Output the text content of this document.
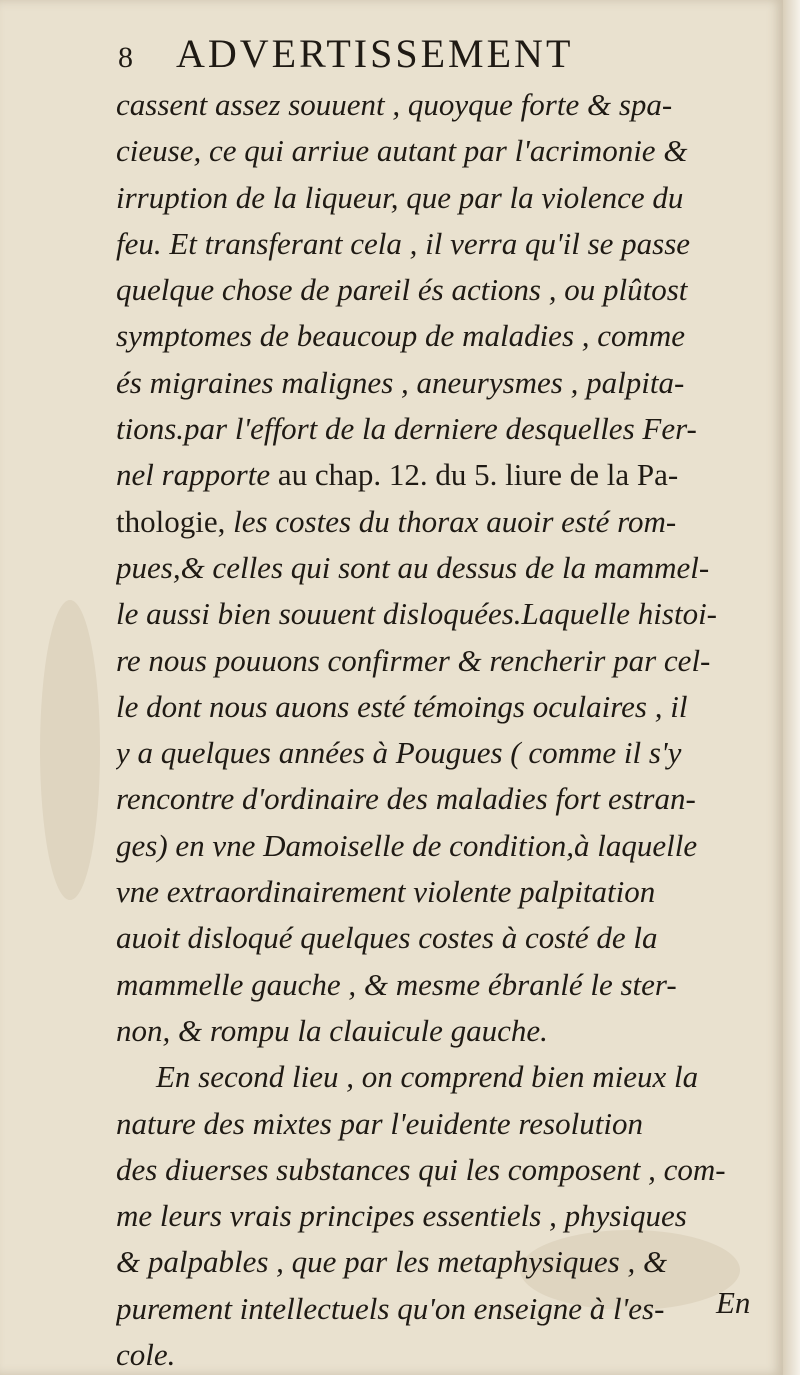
8 ADVERTISSEMENT
cassent assez souuent , quoyque forte & spa-
cieuse, ce qui arriue autant par l'acrimonie &
irruption de la liqueur, que par la violence du
feu. Et transferant cela , il verra qu'il se passe
quelque chose de pareil és actions , ou plûtost
symptomes de beaucoup de maladies , comme
és migraines malignes , aneurysmes , palpita-
tions.par l'effort de la derniere desquelles Fer-
nel rapporte au chap. 12. du 5. liure de la Pa-
thologie, les costes du thorax auoir esté rom-
pues,& celles qui sont au dessus de la mammel-
le aussi bien souuent disloquées.Laquelle histoi-
re nous pouuons confirmer & rencherir par cel-
le dont nous auons esté témoings oculaires , il
y a quelques années à Pougues ( comme il s'y
rencontre d'ordinaire des maladies fort estran-
ges) en vne Damoiselle de condition,à laquelle
vne extraordinairement violente palpitation
auoit disloqué quelques costes à costé de la
mammelle gauche , & mesme ébranlé le ster-
non, & rompu la clauicule gauche.
En second lieu , on comprend bien mieux la
nature des mixtes par l'euidente resolution
des diuerses substances qui les composent , com-
me leurs vrais principes essentiels , physiques
& palpables , que par les metaphysiques , &
purement intellectuels qu'on enseigne à l'es-
cole.
En
